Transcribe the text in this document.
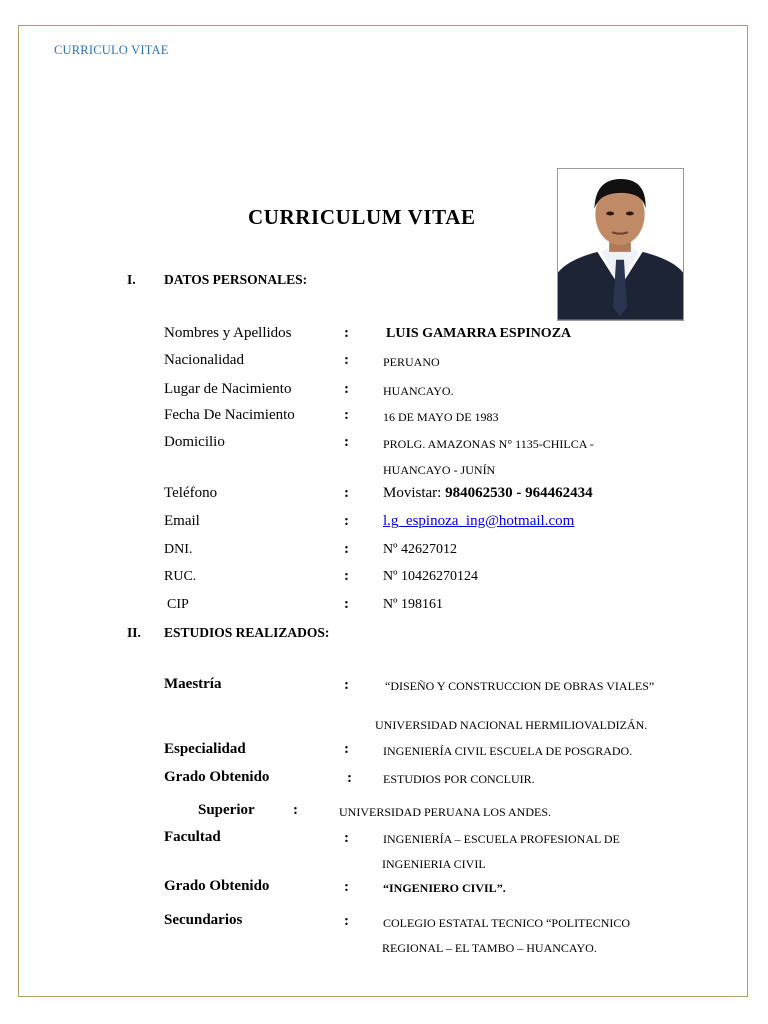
CURRICULO VITAE
CURRICULUM VITAE
I. DATOS PERSONALES:
Nombres y Apellidos	:	LUIS GAMARRA ESPINOZA
Nacionalidad	:	PERUANO
Lugar de Nacimiento	:	HUANCAYO.
Fecha De Nacimiento	:	16 DE MAYO DE 1983
Domicilio	:	PROLG. AMAZONAS N° 1135-CHILCA -
HUANCAYO - JUNÍN
Teléfono	: Movistar: 984062530 - 964462434
Email	: l.g_espinoza_ing@hotmail.com
DNI.	: Nº 42627012
RUC.	: Nº 10426270124
CIP	: Nº 198161
II. ESTUDIOS REALIZADOS:
Maestría	:	“DISEÑO Y CONSTRUCCION DE OBRAS VIALES”
UNIVERSIDAD NACIONAL HERMILIOVALDIZÁN.
Especialidad	:	INGENIERÍA CIVIL ESCUELA DE POSGRADO.
Grado Obtenido	:	ESTUDIOS POR CONCLUIR.
Superior	:	UNIVERSIDAD PERUANA LOS ANDES.
Facultad	:	INGENIERÍA – ESCUELA PROFESIONAL DE
INGENIERIA CIVIL
Grado Obtenido	:	“INGENIERO CIVIL”.
Secundarios	:	COLEGIO ESTATAL TECNICO “POLITECNICO
REGIONAL – EL TAMBO – HUANCAYO.
